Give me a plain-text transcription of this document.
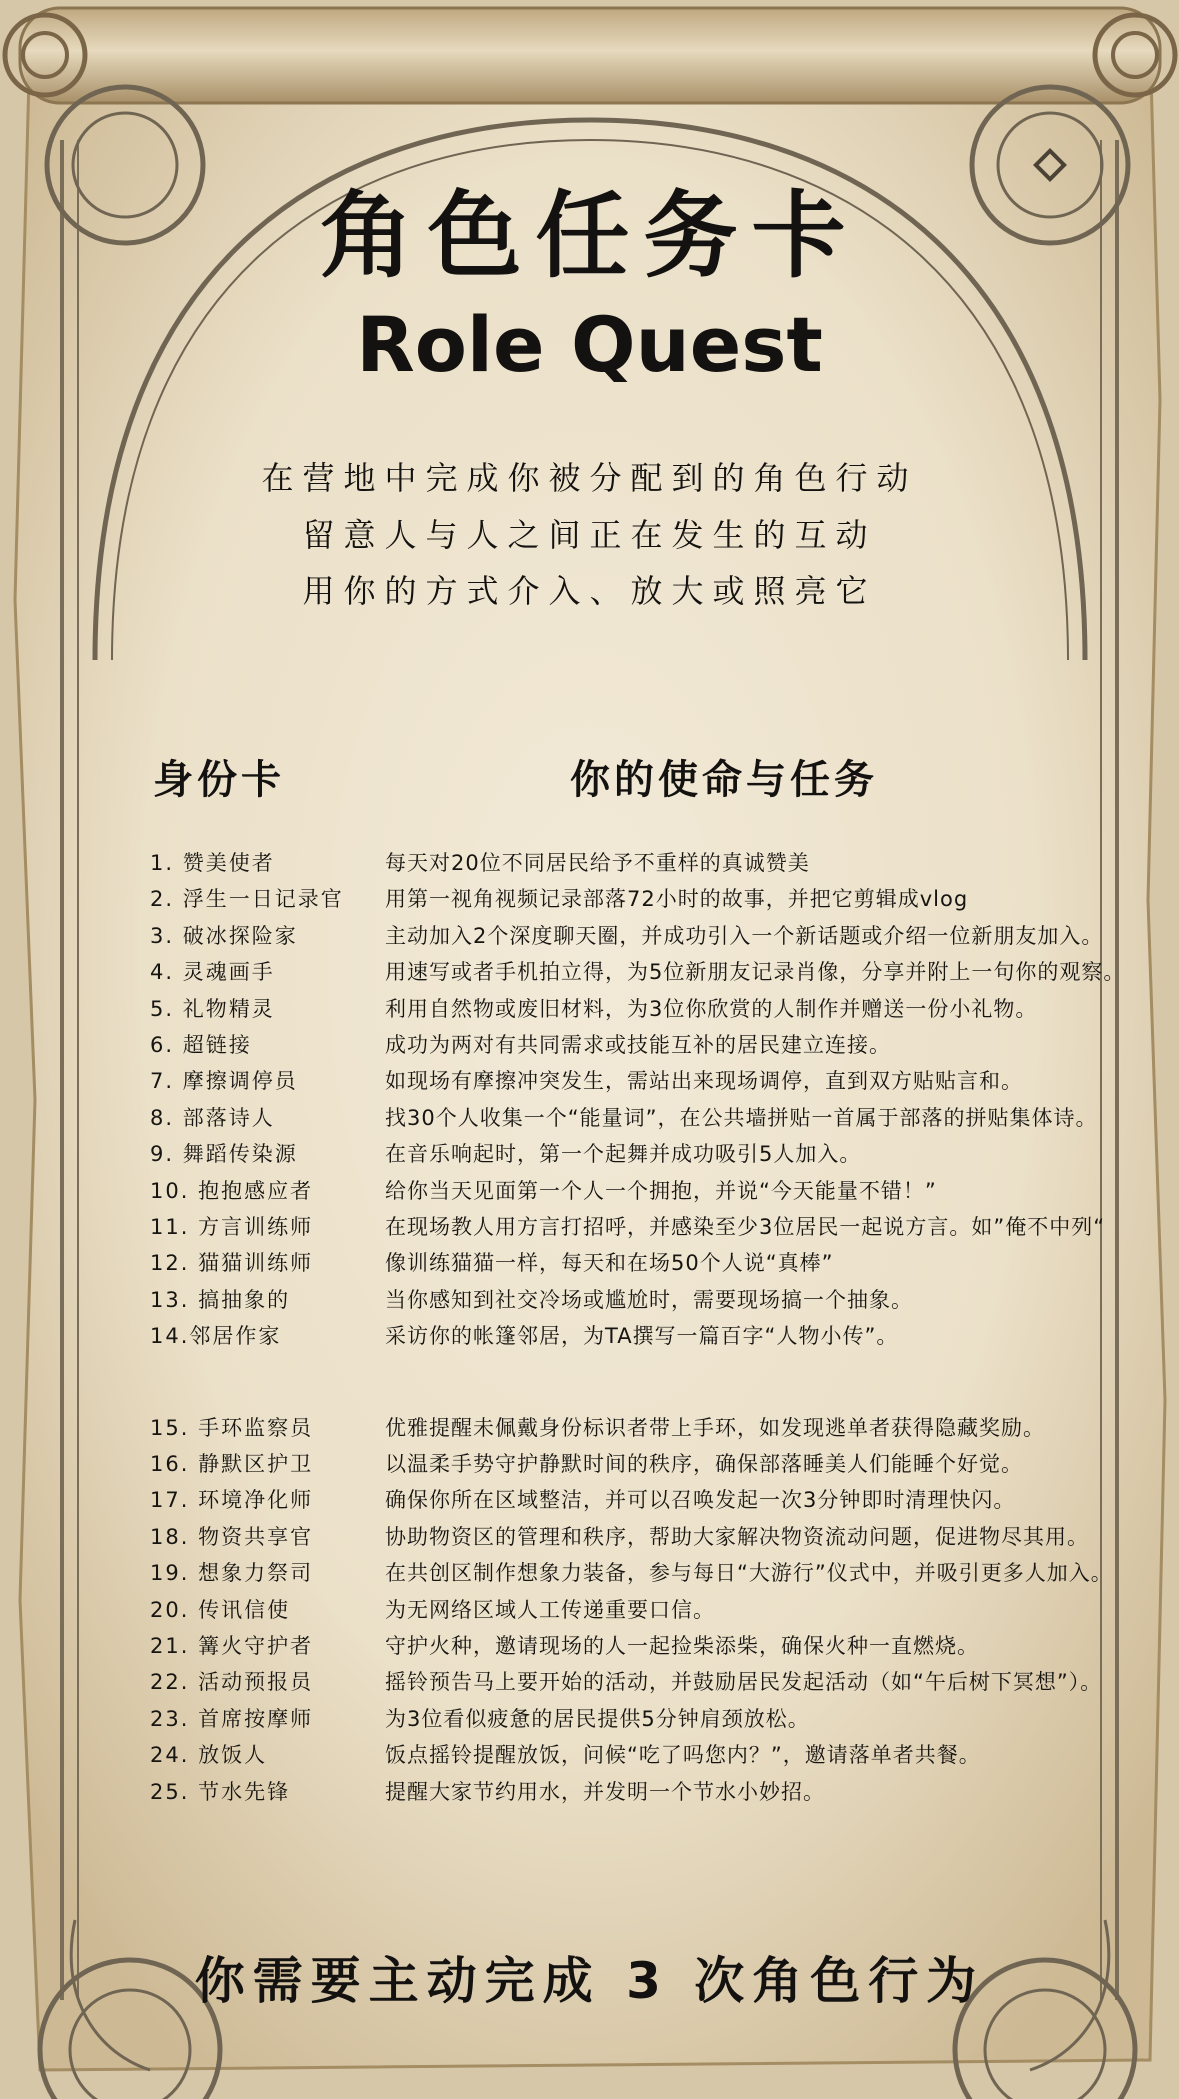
角色任务卡
Role Quest
在营地中完成你被分配到的角色行动
留意人与人之间正在发生的互动
用你的方式介入、放大或照亮它
身份卡	你的使命与任务
1. 赞美使者	每天对20位不同居民给予不重样的真诚赞美
2. 浮生一日记录官	用第一视角视频记录部落72小时的故事，并把它剪辑成vlog
3. 破冰探险家	主动加入2个深度聊天圈，并成功引入一个新话题或介绍一位新朋友加入。
4. 灵魂画手	用速写或者手机拍立得，为5位新朋友记录肖像，分享并附上一句你的观察。
5. 礼物精灵	利用自然物或废旧材料，为3位你欣赏的人制作并赠送一份小礼物。
6. 超链接	成功为两对有共同需求或技能互补的居民建立连接。
7. 摩擦调停员	如现场有摩擦冲突发生，需站出来现场调停，直到双方贴贴言和。
8. 部落诗人	找30个人收集一个“能量词”，在公共墙拼贴一首属于部落的拼贴集体诗。
9. 舞蹈传染源	在音乐响起时，第一个起舞并成功吸引5人加入。
10. 抱抱感应者	给你当天见面第一个人一个拥抱，并说“今天能量不错！”
11. 方言训练师	在现场教人用方言打招呼，并感染至少3位居民一起说方言。如”俺不中列“
12. 猫猫训练师	像训练猫猫一样，每天和在场50个人说“真棒”
13. 搞抽象的	当你感知到社交冷场或尴尬时，需要现场搞一个抽象。
14.邻居作家	采访你的帐篷邻居，为TA撰写一篇百字“人物小传”。
15. 手环监察员	优雅提醒未佩戴身份标识者带上手环，如发现逃单者获得隐藏奖励。
16. 静默区护卫	以温柔手势守护静默时间的秩序，确保部落睡美人们能睡个好觉。
17. 环境净化师	确保你所在区域整洁，并可以召唤发起一次3分钟即时清理快闪。
18. 物资共享官	协助物资区的管理和秩序，帮助大家解决物资流动问题，促进物尽其用。
19. 想象力祭司	在共创区制作想象力装备，参与每日“大游行”仪式中，并吸引更多人加入。
20. 传讯信使	为无网络区域人工传递重要口信。
21. 篝火守护者	守护火种，邀请现场的人一起捡柴添柴，确保火种一直燃烧。
22. 活动预报员	摇铃预告马上要开始的活动，并鼓励居民发起活动（如“午后树下冥想”）。
23. 首席按摩师	为3位看似疲惫的居民提供5分钟肩颈放松。
24. 放饭人	饭点摇铃提醒放饭，问候“吃了吗您内？”，邀请落单者共餐。
25. 节水先锋	提醒大家节约用水，并发明一个节水小妙招。
你需要主动完成 3 次角色行为
